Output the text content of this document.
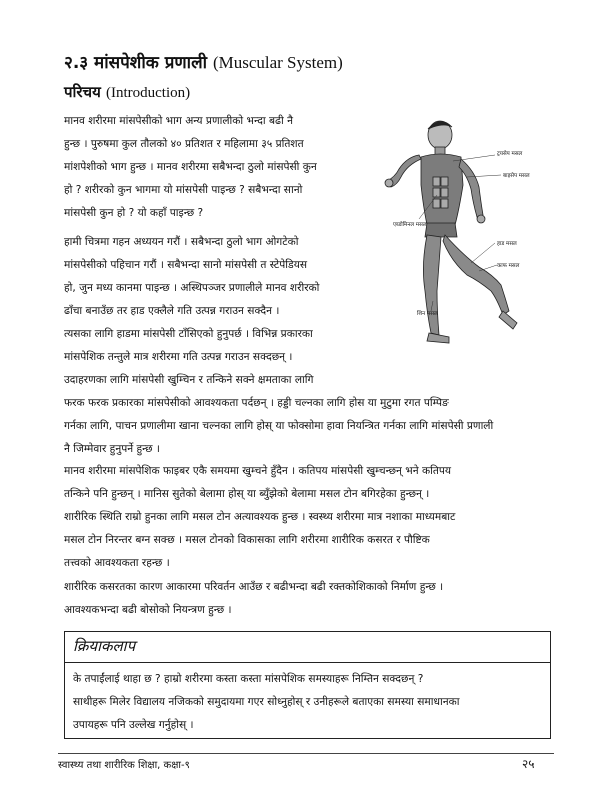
२.३ मांसपेशीक प्रणाली (Muscular System)
परिचय (Introduction)
मानव शरीरमा मांसपेसीको भाग अन्य प्रणालीको भन्दा बढी नै
हुन्छ । पुरुषमा कुल तौलको ४० प्रतिशत र महिलामा ३५ प्रतिशत
मांशपेशीको भाग हुन्छ । मानव शरीरमा सबैभन्दा ठुलो मांसपेसी कुन
हो ? शरीरको कुन भागमा यो मांसपेसी पाइन्छ ? सबैभन्दा सानो
मांसपेसी कुन हो ? यो कहाँ पाइन्छ ?
हामी चित्रमा गहन अध्ययन गरौं । सबैभन्दा ठुलो भाग ओगटेको
मांसपेसीको पहिचान गरौं । सबैभन्दा सानो मांसपेसी त स्टेपेडियस
हो, जुन मध्य कानमा पाइन्छ । अस्थिपञ्जर प्रणालीले मानव शरीरको
ढाँचा बनाउँछ तर हाड एक्लैले गति उत्पन्न गराउन सक्दैन ।
त्यसका लागि हाडमा मांसपेसी टाँसिएको हुनुपर्छ । विभिन्न प्रकारका
मांसपेशिक तन्तुले मात्र शरीरमा गति उत्पन्न गराउन सक्दछन् ।
उदाहरणका लागि मांसपेसी खुम्चिन र तन्किने सक्ने क्षमताका लागि
फरक फरक प्रकारका मांसपेसीको आवश्यकता पर्दछन् । हड्डी चल्नका लागि होस या मुटुमा रगत पम्पिङ
गर्नका लागि, पाचन प्रणालीमा खाना चल्नका लागि होस् या फोक्सोमा हावा नियन्त्रित गर्नका लागि मांसपेसी प्रणाली
नै जिम्मेवार हुनुपर्ने हुन्छ ।
मानव शरीरमा मांसपेशिक फाइबर एकै समयमा खुम्चने हुँदैन । कतिपय मांसपेसी खुम्चन्छन् भने कतिपय
तन्किने पनि हुन्छन् । मानिस सुतेको बेलामा होस् या ब्युँझेको बेलामा मसल टोन बगिरहेका हुन्छन् ।
शारीरिक स्थिति राम्रो हुनका लागि मसल टोन अत्यावश्यक हुन्छ । स्वस्थ्य शरीरमा मात्र नशाका माध्यमबाट
मसल टोन निरन्तर बग्न सक्छ । मसल टोनको विकासका लागि शरीरमा शारीरिक कसरत र पौष्टिक
तत्त्वको आवश्यकता रहन्छ ।
शारीरिक कसरतका कारण आकारमा परिवर्तन आउँछ र बढीभन्दा बढी रक्तकोशिकाको निर्माण हुन्छ ।
आवश्यकभन्दा बढी बोसोको नियन्त्रण हुन्छ ।
ट्रयसेप मसल
बाइसेप मसल
एब्डोमिनल मसल
हाड मसल
काफ मसल
शिन मसल
क्रियाकलाप
के तपाईंलाई थाहा छ ? हाम्रो शरीरमा कस्ता कस्ता मांसपेशिक समस्याहरू निम्तिन सक्दछन् ?
साथीहरू मिलेर विद्यालय नजिकको समुदायमा गएर सोध्नुहोस् र उनीहरूले बताएका समस्या समाधानका
उपायहरू पनि उल्लेख गर्नुहोस् ।
स्वास्थ्य तथा शारीरिक शिक्षा, कक्षा-९	२५
